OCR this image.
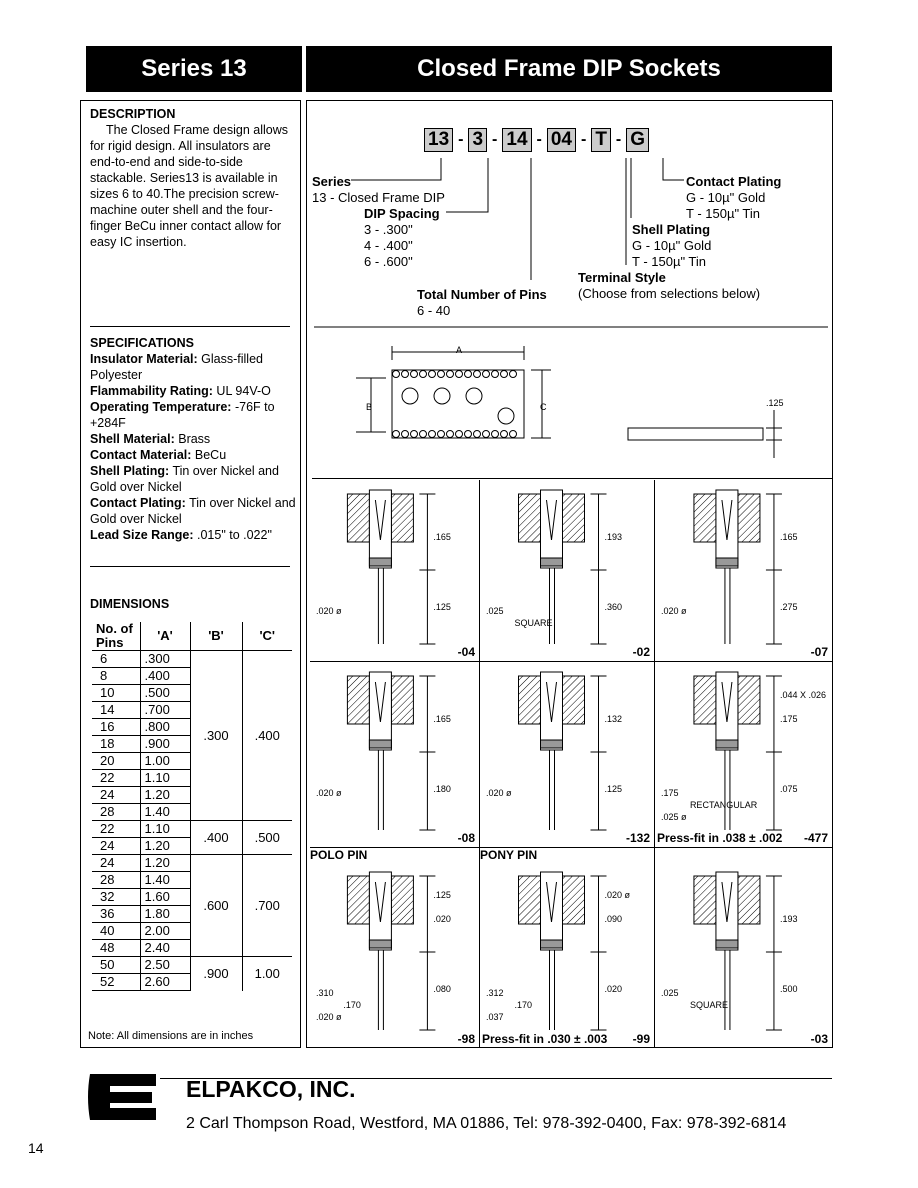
Series 13	Closed Frame DIP Sockets
DESCRIPTION
The Closed Frame design allows for rigid design. All insulators are end-to-end and side-to-side stackable. Series13 is available in sizes 6 to 40.The precision screw-machine outer shell and the four-finger BeCu inner contact allow for easy IC insertion.
SPECIFICATIONS
Insulator Material: Glass-filled Polyester
Flammability Rating: UL 94V-O
Operating Temperature: -76F to +284F
Shell Material: Brass
Contact Material: BeCu
Shell Plating: Tin over Nickel and Gold over Nickel
Contact Plating: Tin over Nickel and Gold over Nickel
Lead Size Range: .015" to .022"
DIMENSIONS
No. of Pins	'A'	'B'	'C'
6	.300	.300	.400
8	.400		
10	.500		
14	.700		
16	.800		
18	.900		
20	1.00		
22	1.10		
24	1.20		
28	1.40		
22	1.10	.400	.500
24	1.20		
24	1.20	.600	.700
28	1.40		
32	1.60		
36	1.80		
40	2.00		
48	2.40		
50	2.50	.900	1.00
52	2.60		
Note: All dimensions are in inches
13 - 3 - 14 - 04 - T - G
Series
13 - Closed Frame DIP
DIP Spacing
3 - .300"
4 - .400"
6 - .600"
Total Number of Pins
6 - 40
Shell Plating
G - 10µ" Gold
T - 150µ" Tin
Terminal Style
(Choose from selections below)
Contact Plating
G - 10µ" Gold
T - 150µ" Tin
A
B	C	.125
.165
.125
.020 ø
-04
.193
.360
.025
SQUARE
-02
.165
.275
.020 ø
-07
.165
.180
.020 ø
-08
.132
.125
.020 ø
-132
.175
.075
.175
RECTANGULAR
.044 X .026
.025 ø
-477
Press-fit in .038 ± .002
.020
.080
.310
.170
.125
.020 ø
-98
POLO PIN
.090
.020
.312
.170
.020 ø
.037
-99
PONY PIN
Press-fit in .030 ± .003
.193
.500
.025
SQUARE
-03
ELPAKCO, INC.
2 Carl Thompson Road, Westford, MA 01886, Tel: 978-392-0400, Fax: 978-392-6814
14
